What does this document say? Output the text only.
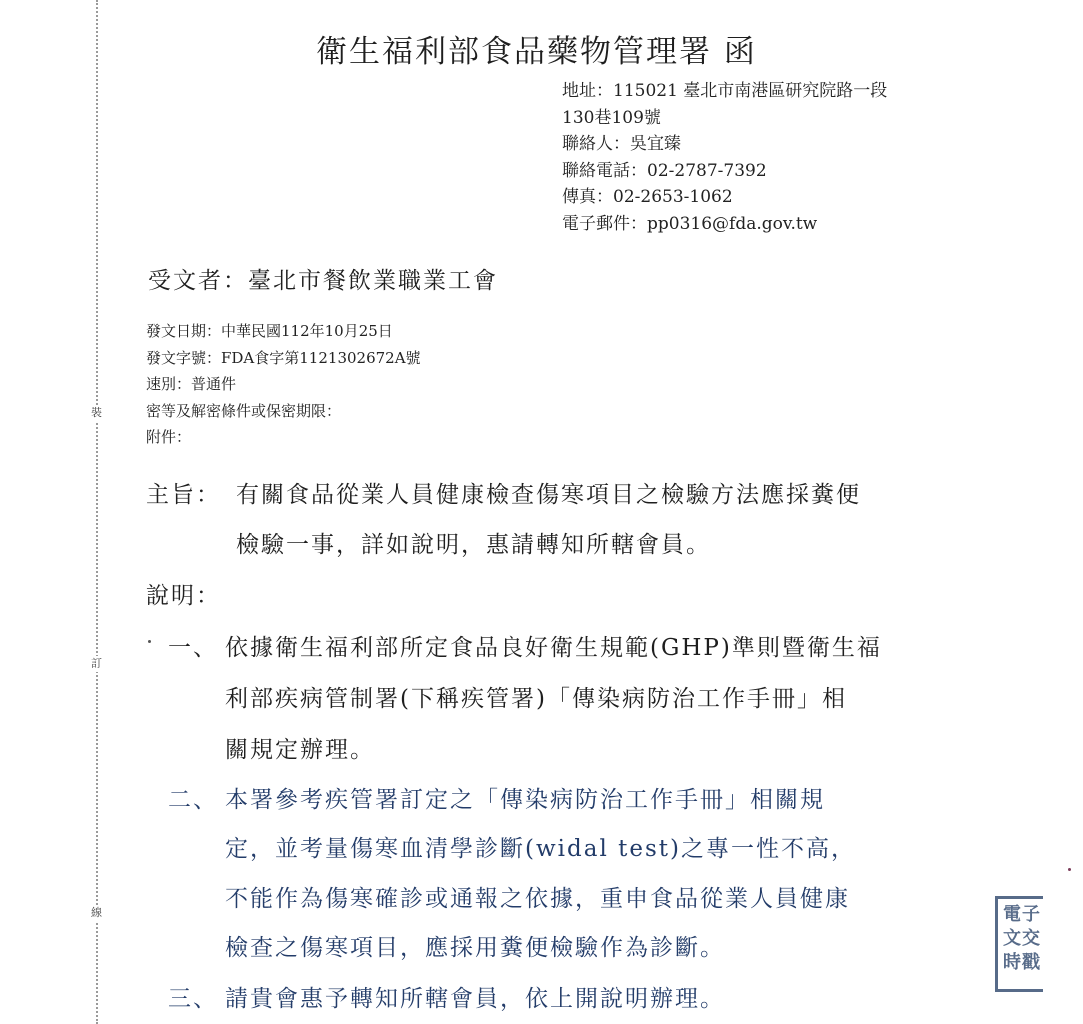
裝
訂
線
衛生福利部食品藥物管理署 函
地址：115021 臺北市南港區研究院路一段
130巷109號
聯絡人：吳宜臻
聯絡電話：02-2787-7392
傳真：02-2653-1062
電子郵件：pp0316@fda.gov.tw
受文者：臺北市餐飲業職業工會
發文日期：中華民國112年10月25日
發文字號：FDA食字第1121302672A號
速別：普通件
密等及解密條件或保密期限：
附件：
主旨： 有關食品從業人員健康檢查傷寒項目之檢驗方法應採糞便
檢驗一事，詳如說明，惠請轉知所轄會員。
說明：
一、 依據衛生福利部所定食品良好衛生規範(GHP)準則暨衛生福
利部疾病管制署(下稱疾管署)「傳染病防治工作手冊」相
關規定辦理。
二、 本署參考疾管署訂定之「傳染病防治工作手冊」相關規
定，並考量傷寒血清學診斷(widal test)之專一性不高，
不能作為傷寒確診或通報之依據，重申食品從業人員健康
檢查之傷寒項目，應採用糞便檢驗作為診斷。
三、 請貴會惠予轉知所轄會員，依上開說明辦理。
電子
文交
時戳
